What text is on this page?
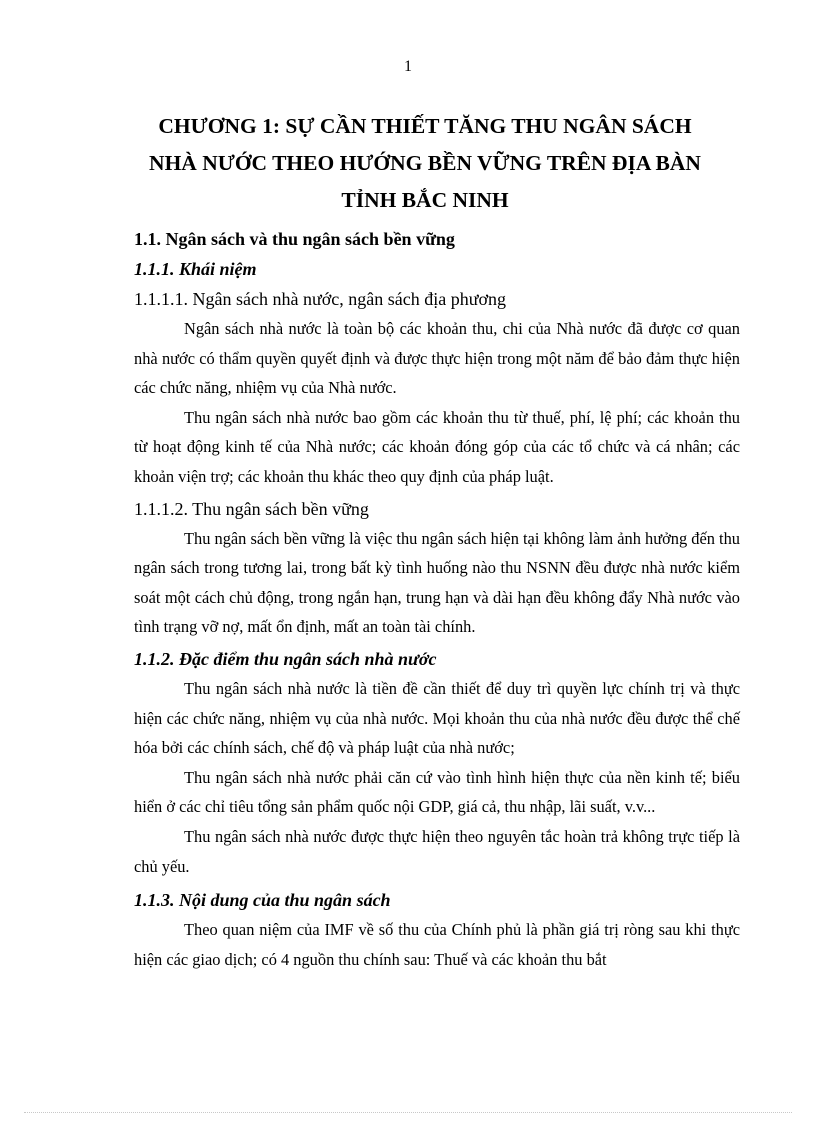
1
CHƯƠNG 1: SỰ CẦN THIẾT TĂNG THU NGÂN SÁCH
NHÀ NƯỚC THEO HƯỚNG BỀN VỮNG TRÊN ĐỊA BÀN
TỈNH BẮC NINH
1.1. Ngân sách và thu ngân sách bền vững
1.1.1. Khái niệm
1.1.1.1. Ngân sách nhà nước, ngân sách địa phương

Ngân sách nhà nước là toàn bộ các khoản thu, chi của Nhà nước đã được cơ quan nhà nước có thẩm quyền quyết định và được thực hiện trong một năm để bảo đảm thực hiện các chức năng, nhiệm vụ của Nhà nước.

Thu ngân sách nhà nước bao gồm các khoản thu từ thuế, phí, lệ phí; các khoản thu từ hoạt động kinh tế của Nhà nước; các khoản đóng góp của các tổ chức và cá nhân; các khoản viện trợ; các khoản thu khác theo quy định của pháp luật.

1.1.1.2. Thu ngân sách bền vững

Thu ngân sách bền vững là việc thu ngân sách hiện tại không làm ảnh hưởng đến thu ngân sách trong tương lai, trong bất kỳ tình huống nào thu NSNN đều được nhà nước kiểm soát một cách chủ động, trong ngắn hạn, trung hạn và dài hạn đều không đẩy Nhà nước vào tình trạng vỡ nợ, mất ổn định, mất an toàn tài chính.

1.1.2. Đặc điểm thu ngân sách nhà nước

Thu ngân sách nhà nước là tiền đề cần thiết để duy trì quyền lực chính trị và thực hiện các chức năng, nhiệm vụ của nhà nước. Mọi khoản thu của nhà nước đều được thể chế hóa bởi các chính sách, chế độ và pháp luật của nhà nước;

Thu ngân sách nhà nước phải căn cứ vào tình hình hiện thực của nền kinh tế; biểu hiển ở các chỉ tiêu tổng sản phẩm quốc nội GDP, giá cả, thu nhập, lãi suất, v.v...

Thu ngân sách nhà nước được thực hiện theo nguyên tắc hoàn trả không trực tiếp là chủ yếu.

1.1.3. Nội dung của thu ngân sách

Theo quan niệm của IMF về số thu của Chính phủ là phần giá trị ròng sau khi thực hiện các giao dịch; có 4 nguồn thu chính sau: Thuế và các khoản thu bắt
